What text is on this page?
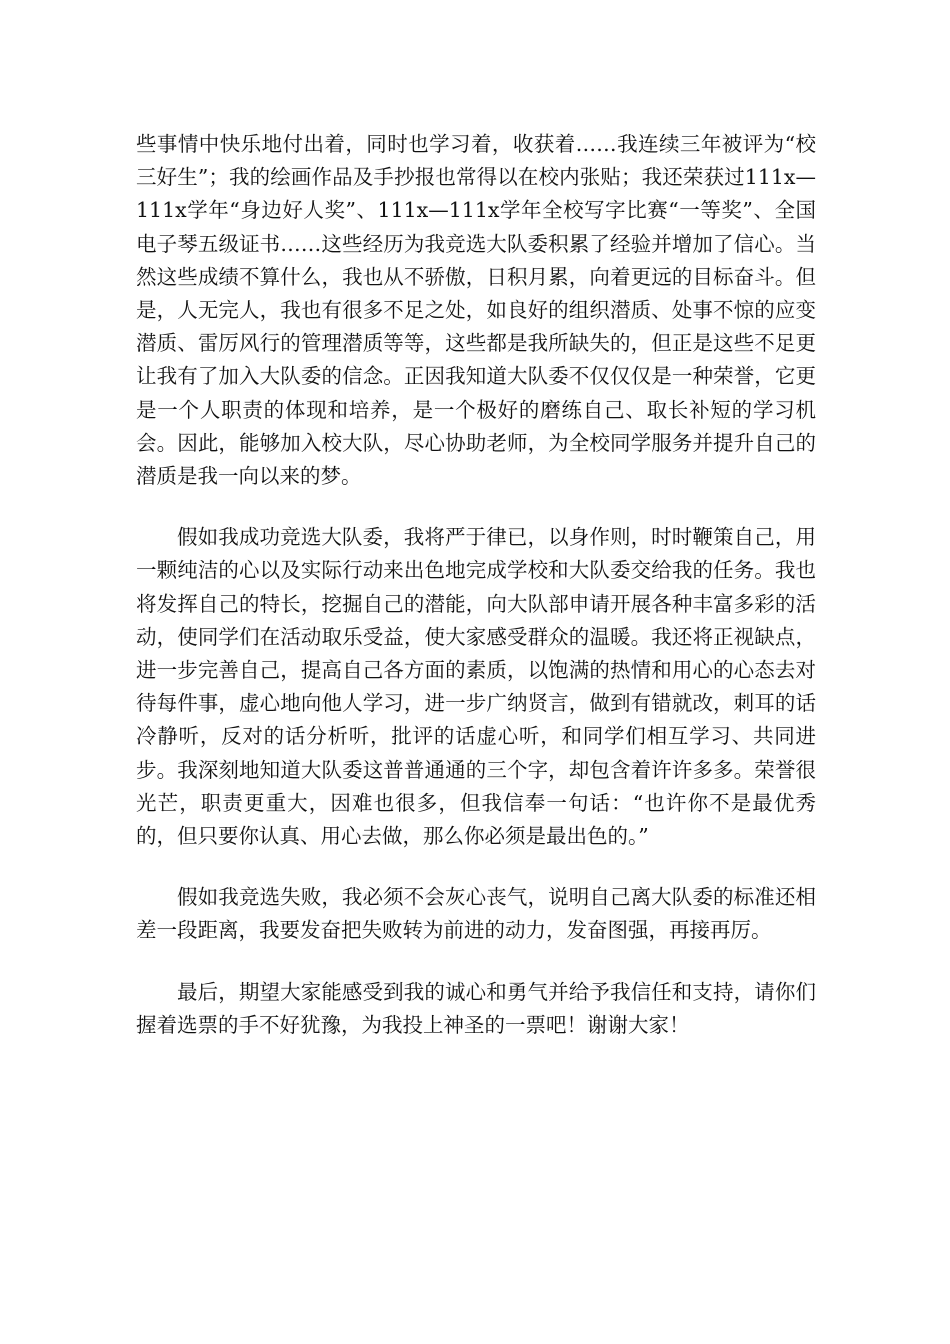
些事情中快乐地付出着，同时也学习着，收获着……我连续三年被评为“校三好生”；我的绘画作品及手抄报也常得以在校内张贴；我还荣获过111x—111x学年“身边好人奖”、111x—111x学年全校写字比赛“一等奖”、全国电子琴五级证书……这些经历为我竞选大队委积累了经验并增加了信心。当然这些成绩不算什么，我也从不骄傲，日积月累，向着更远的目标奋斗。但是，人无完人，我也有很多不足之处，如良好的组织潜质、处事不惊的应变潜质、雷厉风行的管理潜质等等，这些都是我所缺失的，但正是这些不足更让我有了加入大队委的信念。正因我知道大队委不仅仅仅是一种荣誉，它更是一个人职责的体现和培养，是一个极好的磨练自己、取长补短的学习机会。因此，能够加入校大队，尽心协助老师，为全校同学服务并提升自己的潜质是我一向以来的梦。

假如我成功竞选大队委，我将严于律已，以身作则，时时鞭策自己，用一颗纯洁的心以及实际行动来出色地完成学校和大队委交给我的任务。我也将发挥自己的特长，挖掘自己的潜能，向大队部申请开展各种丰富多彩的活动，使同学们在活动取乐受益，使大家感受群众的温暖。我还将正视缺点，进一步完善自己，提高自己各方面的素质，以饱满的热情和用心的心态去对待每件事，虚心地向他人学习，进一步广纳贤言，做到有错就改，刺耳的话冷静听，反对的话分析听，批评的话虚心听，和同学们相互学习、共同进步。我深刻地知道大队委这普普通通的三个字，却包含着许许多多。荣誉很光芒，职责更重大，因难也很多，但我信奉一句话：“也许你不是最优秀的，但只要你认真、用心去做，那么你必须是最出色的。”

假如我竞选失败，我必须不会灰心丧气，说明自己离大队委的标准还相差一段距离，我要发奋把失败转为前进的动力，发奋图强，再接再厉。

最后，期望大家能感受到我的诚心和勇气并给予我信任和支持，请你们握着选票的手不好犹豫，为我投上神圣的一票吧！谢谢大家！
